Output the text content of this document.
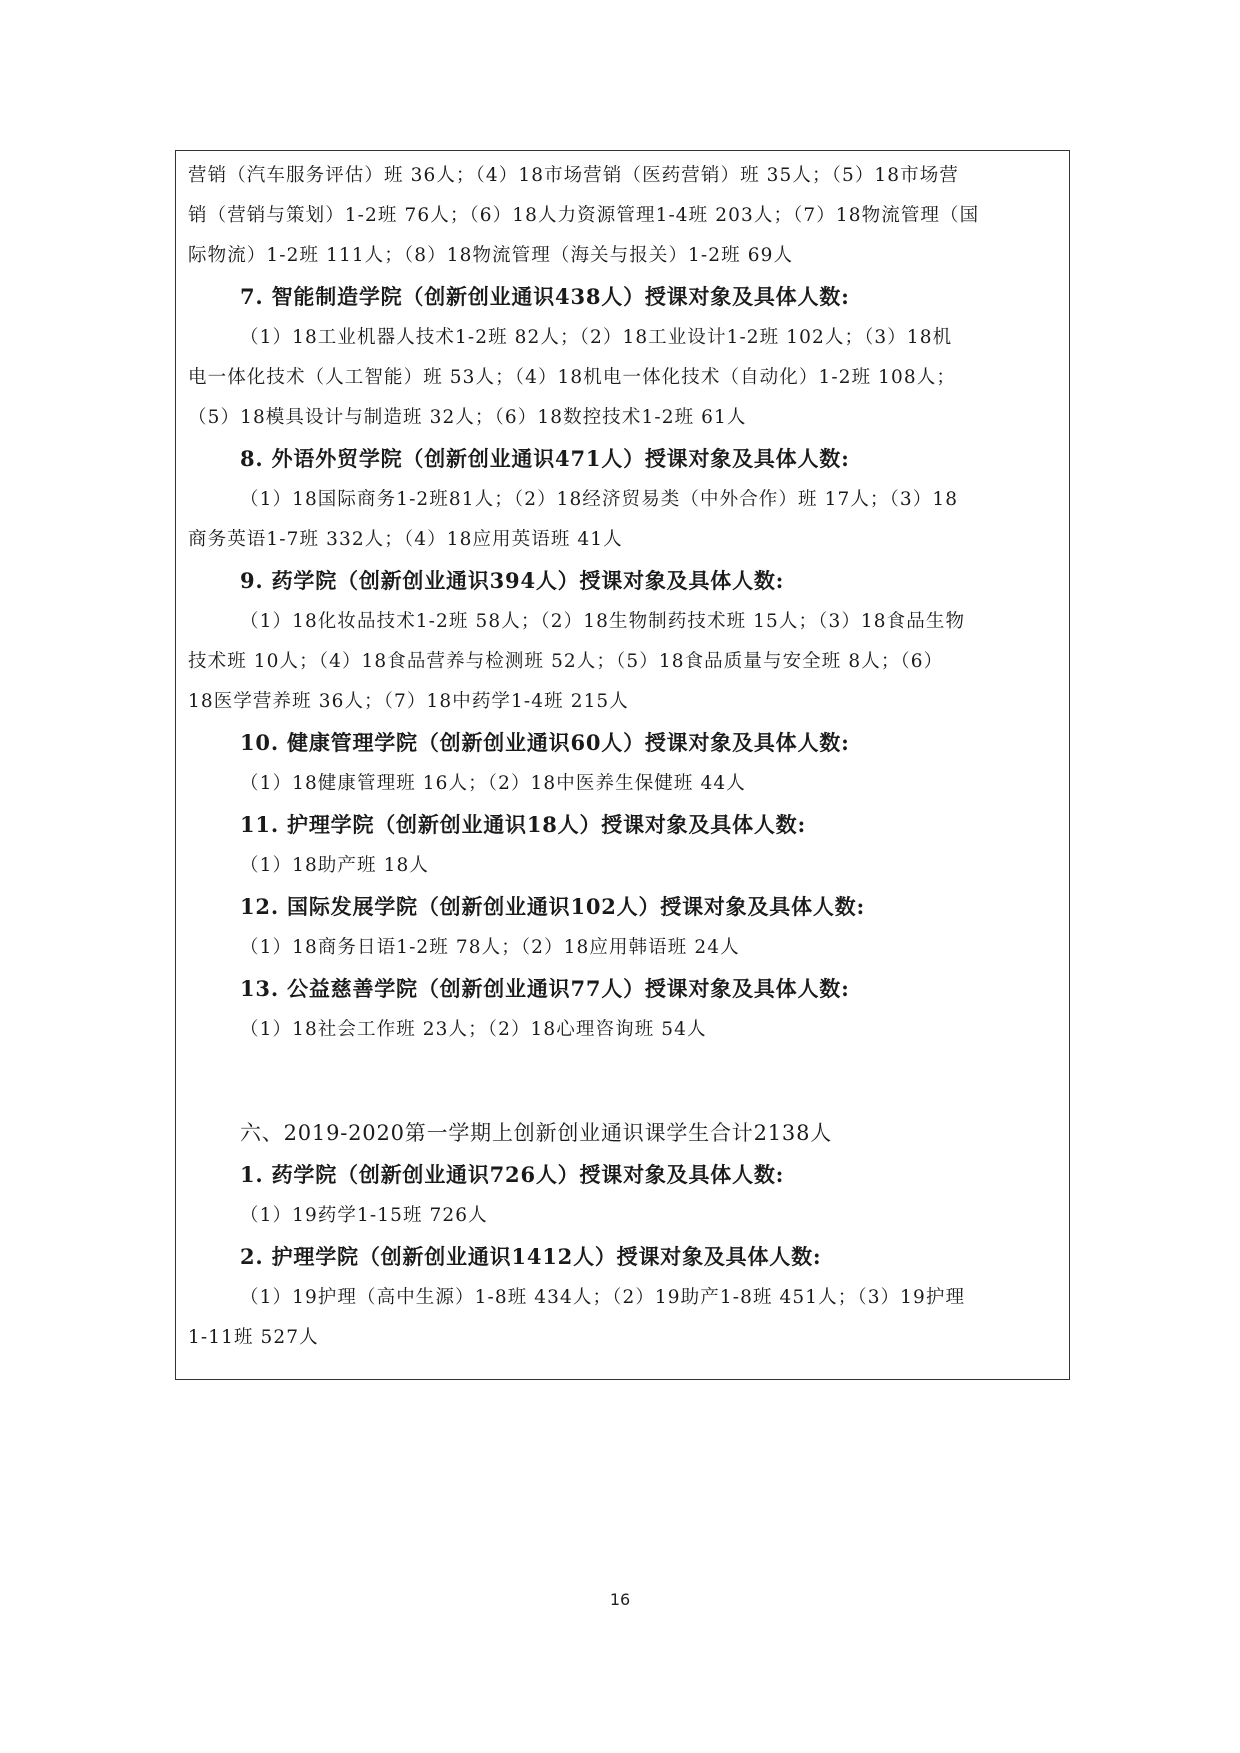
营销（汽车服务评估）班 36人；（4）18市场营销（医药营销）班 35人；（5）18市场营
销（营销与策划）1-2班 76人；（6）18人力资源管理1-4班 203人；（7）18物流管理（国
际物流）1-2班 111人；（8）18物流管理（海关与报关）1-2班 69人
7. 智能制造学院（创新创业通识438人）授课对象及具体人数:
（1）18工业机器人技术1-2班 82人；（2）18工业设计1-2班 102人；（3）18机
电一体化技术（人工智能）班 53人；（4）18机电一体化技术（自动化）1-2班 108人；
（5）18模具设计与制造班 32人；（6）18数控技术1-2班 61人
8. 外语外贸学院（创新创业通识471人）授课对象及具体人数:
（1）18国际商务1-2班81人；（2）18经济贸易类（中外合作）班 17人；（3）18
商务英语1-7班 332人；（4）18应用英语班 41人
9. 药学院（创新创业通识394人）授课对象及具体人数:
（1）18化妆品技术1-2班 58人；（2）18生物制药技术班 15人；（3）18食品生物
技术班 10人；（4）18食品营养与检测班 52人；（5）18食品质量与安全班 8人；（6）
18医学营养班 36人；（7）18中药学1-4班 215人
10. 健康管理学院（创新创业通识60人）授课对象及具体人数:
（1）18健康管理班 16人；（2）18中医养生保健班 44人
11. 护理学院（创新创业通识18人）授课对象及具体人数:
（1）18助产班 18人
12. 国际发展学院（创新创业通识102人）授课对象及具体人数:
（1）18商务日语1-2班 78人；（2）18应用韩语班 24人
13. 公益慈善学院（创新创业通识77人）授课对象及具体人数:
（1）18社会工作班 23人；（2）18心理咨询班 54人
六、2019-2020第一学期上创新创业通识课学生合计2138人
1. 药学院（创新创业通识726人）授课对象及具体人数:
（1）19药学1-15班 726人
2. 护理学院（创新创业通识1412人）授课对象及具体人数:
（1）19护理（高中生源）1-8班 434人；（2）19助产1-8班 451人；（3）19护理
1-11班 527人
16
